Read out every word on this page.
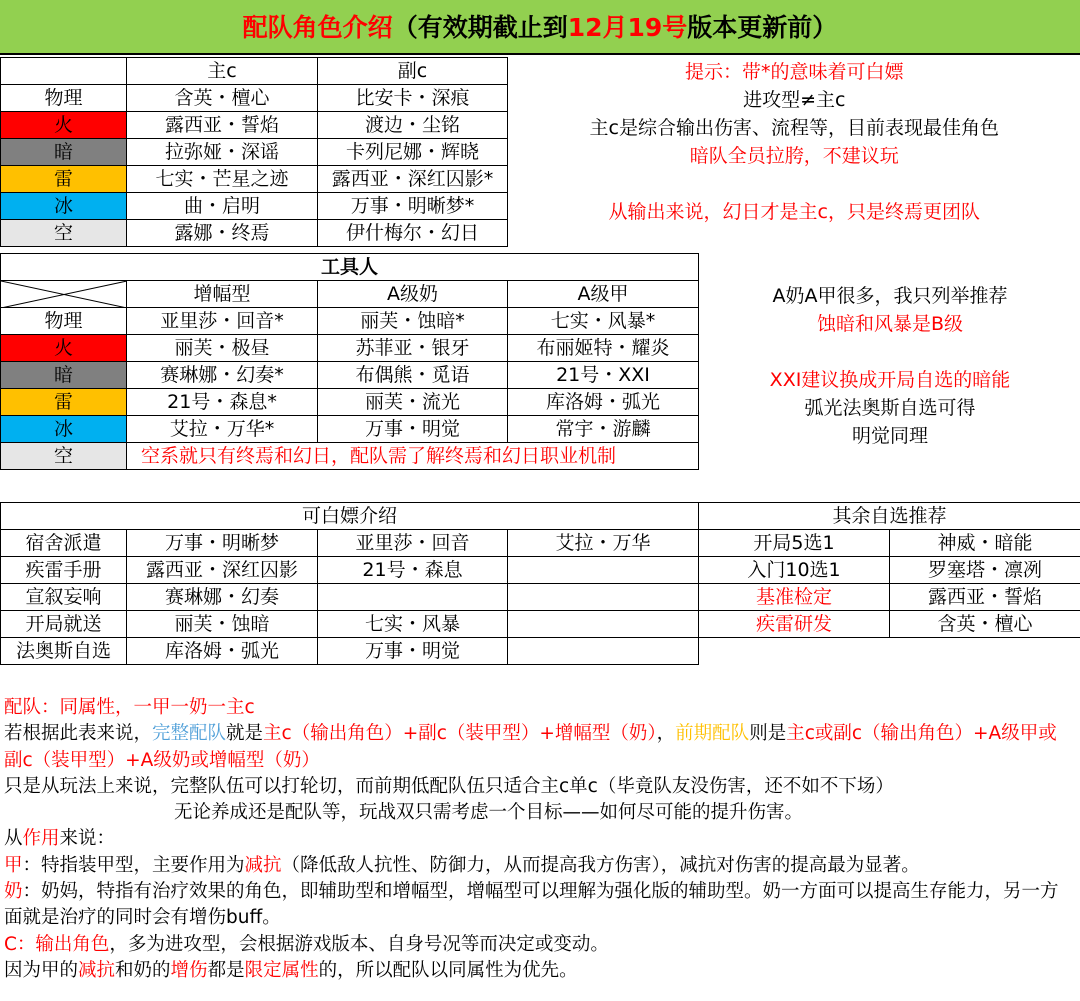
配队角色介绍（有效期截止到12月19号版本更新前）
	主c	副c	提示：带*的意味着可白嫖
进攻型≠主c
主c是综合输出伤害、流程等，目前表现最佳角色
暗队全员拉胯，不建议玩
从输出来说，幻日才是主c，只是终焉更团队

物理	含英・檀心	比安卡・深痕	
火	露西亚・誓焰	渡边・尘铭	
暗	拉弥娅・深谣	卡列尼娜・辉晓	
雷	七实・芒星之迹	露西亚・深红囚影*	
冰	曲・启明	万事・明晰梦*	
空	露娜・终焉	伊什梅尔・幻日	
工具人			

	增幅型	A级奶	A级甲
物理	亚里莎・回音*	丽芙・蚀暗*	七实・风暴*
火	丽芙・极昼	苏菲亚・银牙	布丽姬特・耀炎
暗	赛琳娜・幻奏*	布偶熊・觅语	21号・XXI
雷	21号・森息*	丽芙・流光	库洛姆・弧光
冰	艾拉・万华*	万事・明觉	常宇・游麟
空	空系就只有终焉和幻日，配队需了解终焉和幻日职业机制		
A奶A甲很多，我只列举推荐
蚀暗和风暴是B级
XXI建议换成开局自选的暗能
弧光法奥斯自选可得
明觉同理
可白嫖介绍			
宿舍派遣	万事・明晰梦	亚里莎・回音	艾拉・万华
疾雷手册	露西亚・深红囚影	21号・森息	
宣叙妄响	赛琳娜・幻奏		
开局就送	丽芙・蚀暗	七实・风暴	
法奥斯自选	库洛姆・弧光	万事・明觉	
其余自选推荐	
开局5选1	神威・暗能
入门10选1	罗塞塔・凛冽
基准检定	露西亚・誓焰
疾雷研发	含英・檀心

配队：同属性，一甲一奶一主c

若根据此表来说，完整配队就是主c（输出角色）+副c（装甲型）+增幅型（奶），前期配队则是主c或副c（输出角色）+A级甲或副c（装甲型）+A级奶或增幅型（奶）

只是从玩法上来说，完整队伍可以打轮切，而前期低配队伍只适合主c单c（毕竟队友没伤害，还不如不下场）

无论养成还是配队等，玩战双只需考虑一个目标——如何尽可能的提升伤害。

从作用来说：

甲：特指装甲型，主要作用为减抗（降低敌人抗性、防御力，从而提高我方伤害），减抗对伤害的提高最为显著。

奶：奶妈，特指有治疗效果的角色，即辅助型和增幅型，增幅型可以理解为强化版的辅助型。奶一方面可以提高生存能力，另一方面就是治疗的同时会有增伤buff。

C：输出角色，多为进攻型，会根据游戏版本、自身号况等而决定或变动。

因为甲的减抗和奶的增伤都是限定属性的，所以配队以同属性为优先。
